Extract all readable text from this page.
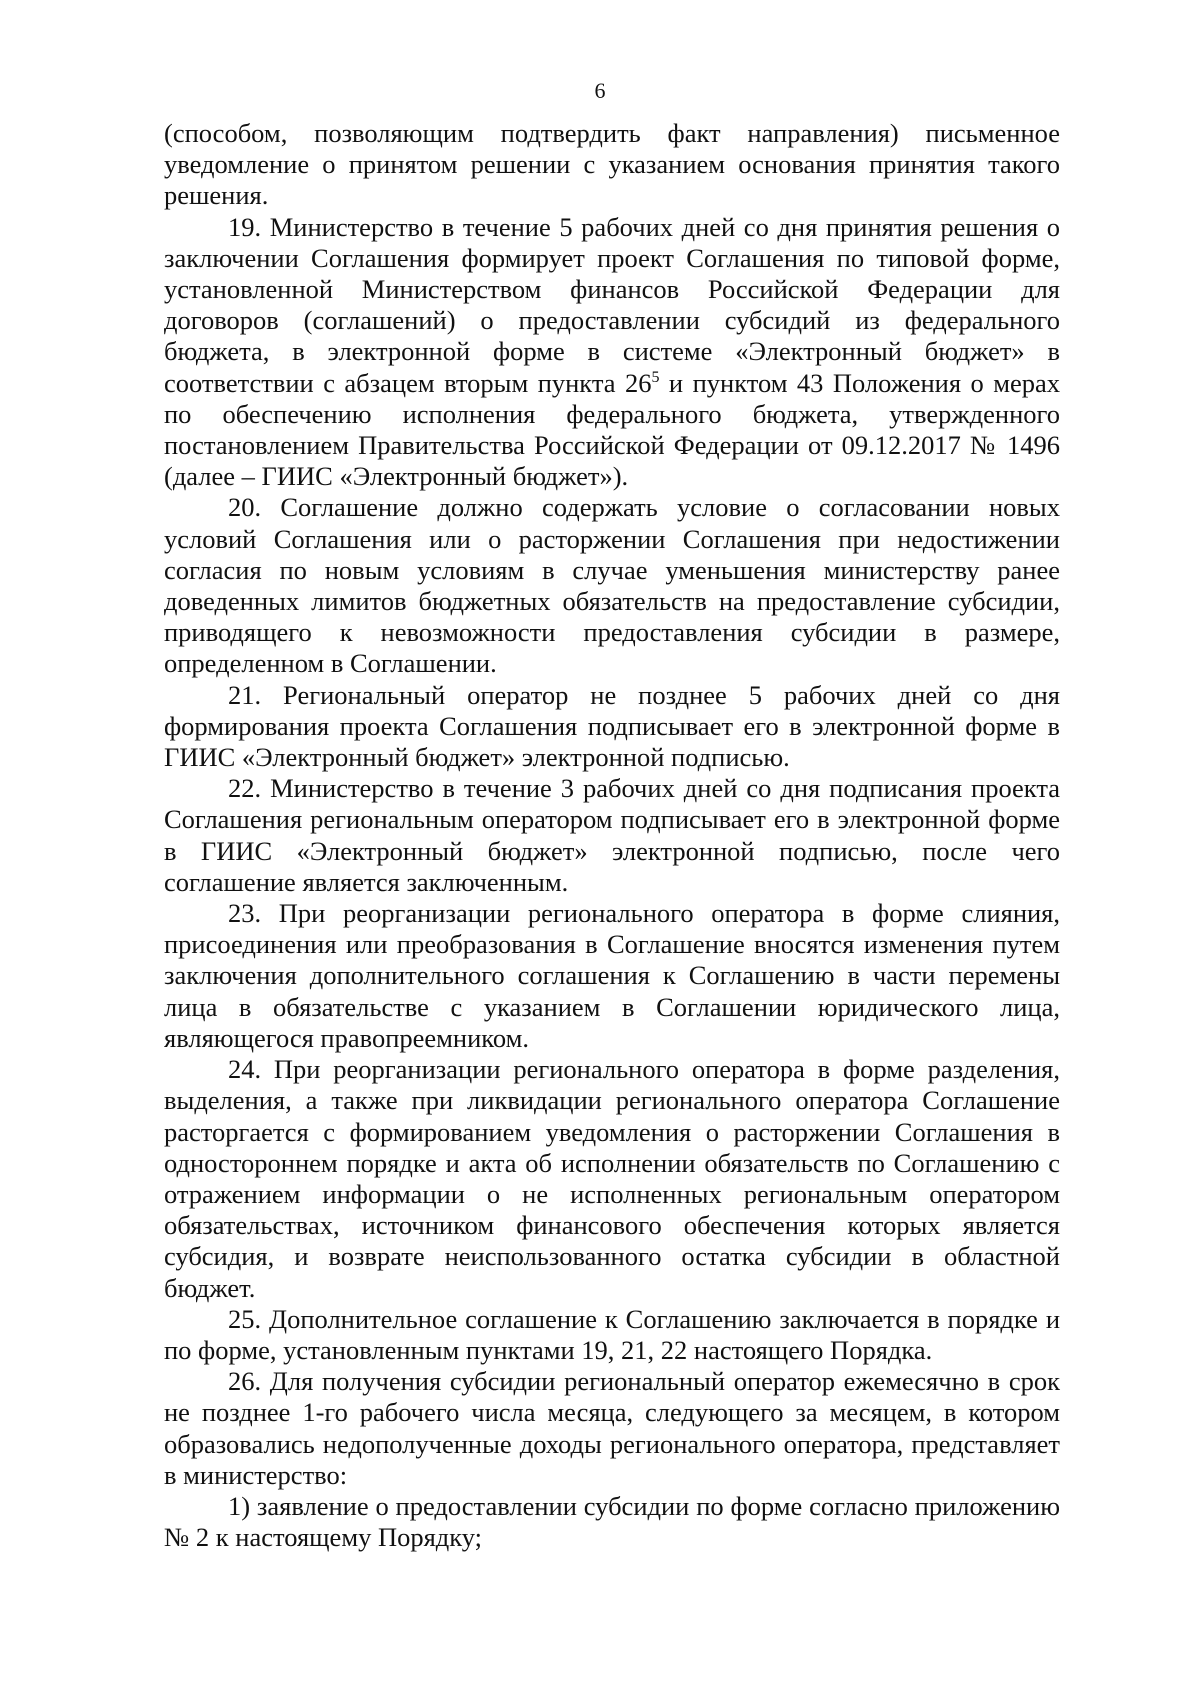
6

(способом, позволяющим подтвердить факт направления) письменное уведомление о принятом решении с указанием основания принятия такого решения.

19. Министерство в течение 5 рабочих дней со дня принятия решения о заключении Соглашения формирует проект Соглашения по типовой форме, установленной Министерством финансов Российской Федерации для договоров (соглашений) о предоставлении субсидий из федерального бюджета, в электронной форме в системе «Электронный бюджет» в соответствии с абзацем вторым пункта $26^5$ и пунктом 43 Положения о мерах по обеспечению исполнения федерального бюджета, утвержденного постановлением Правительства Российской Федерации от 09.12.2017 № 1496 (далее – ГИИС «Электронный бюджет»).

20. Соглашение должно содержать условие о согласовании новых условий Соглашения или о расторжении Соглашения при недостижении согласия по новым условиям в случае уменьшения министерству ранее доведенных лимитов бюджетных обязательств на предоставление субсидии, приводящего к невозможности предоставления субсидии в размере, определенном в Соглашении.

21. Региональный оператор не позднее 5 рабочих дней со дня формирования проекта Соглашения подписывает его в электронной форме в ГИИС «Электронный бюджет» электронной подписью.

22. Министерство в течение 3 рабочих дней со дня подписания проекта Соглашения региональным оператором подписывает его в электронной форме в ГИИС «Электронный бюджет» электронной подписью, после чего соглашение является заключенным.

23. При реорганизации регионального оператора в форме слияния, присоединения или преобразования в Соглашение вносятся изменения путем заключения дополнительного соглашения к Соглашению в части перемены лица в обязательстве с указанием в Соглашении юридического лица, являющегося правопреемником.

24. При реорганизации регионального оператора в форме разделения, выделения, а также при ликвидации регионального оператора Соглашение расторгается с формированием уведомления о расторжении Соглашения в одностороннем порядке и акта об исполнении обязательств по Соглашению с отражением информации о не исполненных региональным оператором обязательствах, источником финансового обеспечения которых является субсидия, и возврате неиспользованного остатка субсидии в областной бюджет.

25. Дополнительное соглашение к Соглашению заключается в порядке и по форме, установленным пунктами 19, 21, 22 настоящего Порядка.

26. Для получения субсидии региональный оператор ежемесячно в срок не позднее 1-го рабочего числа месяца, следующего за месяцем, в котором образовались недополученные доходы регионального оператора, представляет в министерство:

1) заявление о предоставлении субсидии по форме согласно приложению № 2 к настоящему Порядку;
